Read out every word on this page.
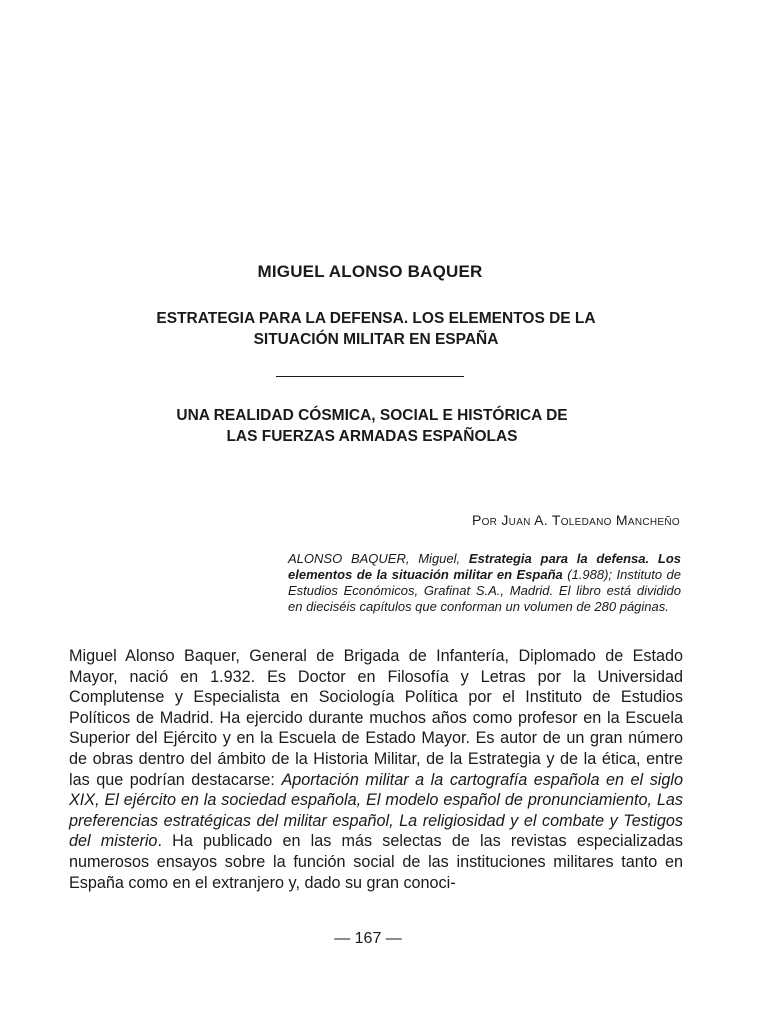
MIGUEL ALONSO BAQUER
ESTRATEGIA PARA LA DEFENSA. LOS ELEMENTOS DE LA
SITUACIÓN MILITAR EN ESPAÑA
UNA REALIDAD CÓSMICA, SOCIAL E HISTÓRICA DE
LAS FUERZAS ARMADAS ESPAÑOLAS
Por Juan A. Toledano Mancheño
ALONSO BAQUER, Miguel, Estrategia para la defensa. Los elementos de la situación militar en España (1.988); Instituto de Estudios Económicos, Grafinat S.A., Madrid. El libro está dividido en dieciséis capítulos que conforman un volumen de 280 páginas.
Miguel Alonso Baquer, General de Brigada de Infantería, Diplomado de Estado Mayor, nació en 1.932. Es Doctor en Filosofía y Letras por la Universidad Complutense y Especialista en Sociología Política por el Instituto de Estudios Políticos de Madrid. Ha ejercido durante muchos años como profesor en la Escuela Superior del Ejército y en la Escuela de Estado Mayor. Es autor de un gran número de obras dentro del ámbito de la Historia Militar, de la Estrategia y de la ética, entre las que podrían destacarse: Aportación militar a la cartografía española en el siglo XIX, El ejército en la sociedad española, El modelo español de pronunciamiento, Las preferencias estratégicas del militar español, La religiosidad y el combate y Testigos del misterio. Ha publicado en las más selectas de las revistas especializadas numerosos ensayos sobre la función social de las instituciones militares tanto en España como en el extranjero y, dado su gran conoci-
— 167 —
